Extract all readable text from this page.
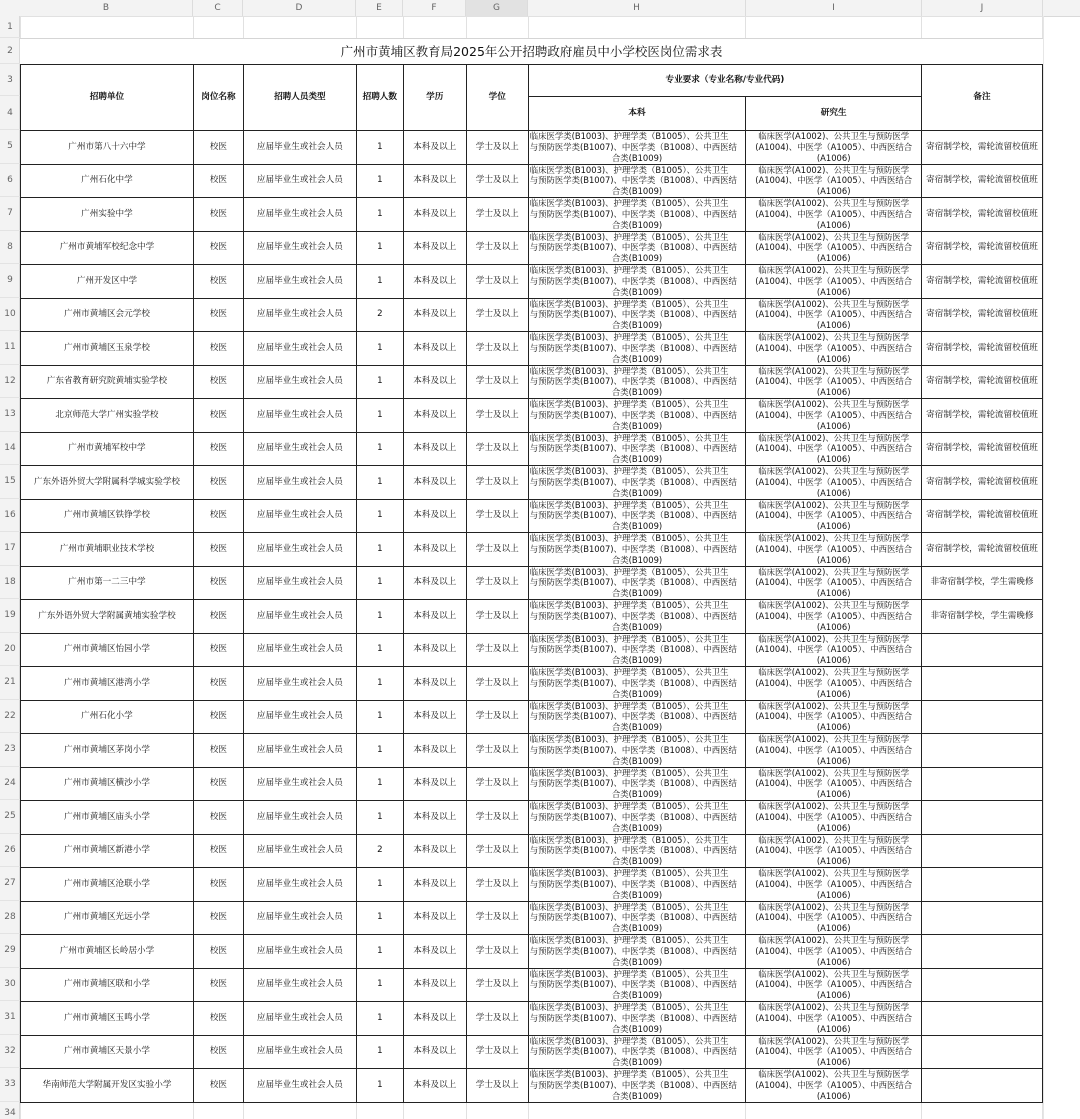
B	C	D	E	F	G	H	I	J
1
2
3
4
5
6
7
8
9
10
11
12
13
14
15
16
17
18
19
20
21
22
23
24
25
26
27
28
29
30
31
32
33
34

广州市黄埔区教育局2025年公开招聘政府雇员中小学校医岗位需求表									
招聘单位	岗位名称	招聘人员类型	招聘人数	学历	学位	专业要求（专业名称/专业代码)		备注	
						本科	研究生		
广州市第八十六中学	校医	应届毕业生或社会人员	1	本科及以上	学士及以上	临床医学类(B1003)、护理学类（B1005）、公共卫生
与预防医学类(B1007)、中医学类（B1008）、中西医结
合类(B1009)	临床医学(A1002)、公共卫生与预防医学
(A1004)、中医学（A1005）、中西医结合
(A1006)	寄宿制学校，需轮流留校值班	
广州石化中学	校医	应届毕业生或社会人员	1	本科及以上	学士及以上	临床医学类(B1003)、护理学类（B1005）、公共卫生
与预防医学类(B1007)、中医学类（B1008）、中西医结
合类(B1009)	临床医学(A1002)、公共卫生与预防医学
(A1004)、中医学（A1005）、中西医结合
(A1006)	寄宿制学校，需轮流留校值班	
广州实验中学	校医	应届毕业生或社会人员	1	本科及以上	学士及以上	临床医学类(B1003)、护理学类（B1005）、公共卫生
与预防医学类(B1007)、中医学类（B1008）、中西医结
合类(B1009)	临床医学(A1002)、公共卫生与预防医学
(A1004)、中医学（A1005）、中西医结合
(A1006)	寄宿制学校，需轮流留校值班	
广州市黄埔军校纪念中学	校医	应届毕业生或社会人员	1	本科及以上	学士及以上	临床医学类(B1003)、护理学类（B1005）、公共卫生
与预防医学类(B1007)、中医学类（B1008）、中西医结
合类(B1009)	临床医学(A1002)、公共卫生与预防医学
(A1004)、中医学（A1005）、中西医结合
(A1006)	寄宿制学校，需轮流留校值班	
广州开发区中学	校医	应届毕业生或社会人员	1	本科及以上	学士及以上	临床医学类(B1003)、护理学类（B1005）、公共卫生
与预防医学类(B1007)、中医学类（B1008）、中西医结
合类(B1009)	临床医学(A1002)、公共卫生与预防医学
(A1004)、中医学（A1005）、中西医结合
(A1006)	寄宿制学校，需轮流留校值班	
广州市黄埔区会元学校	校医	应届毕业生或社会人员	2	本科及以上	学士及以上	临床医学类(B1003)、护理学类（B1005）、公共卫生
与预防医学类(B1007)、中医学类（B1008）、中西医结
合类(B1009)	临床医学(A1002)、公共卫生与预防医学
(A1004)、中医学（A1005）、中西医结合
(A1006)	寄宿制学校，需轮流留校值班	
广州市黄埔区玉泉学校	校医	应届毕业生或社会人员	1	本科及以上	学士及以上	临床医学类(B1003)、护理学类（B1005）、公共卫生
与预防医学类(B1007)、中医学类（B1008）、中西医结
合类(B1009)	临床医学(A1002)、公共卫生与预防医学
(A1004)、中医学（A1005）、中西医结合
(A1006)	寄宿制学校，需轮流留校值班	
广东省教育研究院黄埔实验学校	校医	应届毕业生或社会人员	1	本科及以上	学士及以上	临床医学类(B1003)、护理学类（B1005）、公共卫生
与预防医学类(B1007)、中医学类（B1008）、中西医结
合类(B1009)	临床医学(A1002)、公共卫生与预防医学
(A1004)、中医学（A1005）、中西医结合
(A1006)	寄宿制学校，需轮流留校值班	
北京师范大学广州实验学校	校医	应届毕业生或社会人员	1	本科及以上	学士及以上	临床医学类(B1003)、护理学类（B1005）、公共卫生
与预防医学类(B1007)、中医学类（B1008）、中西医结
合类(B1009)	临床医学(A1002)、公共卫生与预防医学
(A1004)、中医学（A1005）、中西医结合
(A1006)	寄宿制学校，需轮流留校值班	
广州市黄埔军校中学	校医	应届毕业生或社会人员	1	本科及以上	学士及以上	临床医学类(B1003)、护理学类（B1005）、公共卫生
与预防医学类(B1007)、中医学类（B1008）、中西医结
合类(B1009)	临床医学(A1002)、公共卫生与预防医学
(A1004)、中医学（A1005）、中西医结合
(A1006)	寄宿制学校，需轮流留校值班	
广东外语外贸大学附属科学城实验学校	校医	应届毕业生或社会人员	1	本科及以上	学士及以上	临床医学类(B1003)、护理学类（B1005）、公共卫生
与预防医学类(B1007)、中医学类（B1008）、中西医结
合类(B1009)	临床医学(A1002)、公共卫生与预防医学
(A1004)、中医学（A1005）、中西医结合
(A1006)	寄宿制学校，需轮流留校值班	
广州市黄埔区铁铮学校	校医	应届毕业生或社会人员	1	本科及以上	学士及以上	临床医学类(B1003)、护理学类（B1005）、公共卫生
与预防医学类(B1007)、中医学类（B1008）、中西医结
合类(B1009)	临床医学(A1002)、公共卫生与预防医学
(A1004)、中医学（A1005）、中西医结合
(A1006)	寄宿制学校，需轮流留校值班	
广州市黄埔职业技术学校	校医	应届毕业生或社会人员	1	本科及以上	学士及以上	临床医学类(B1003)、护理学类（B1005）、公共卫生
与预防医学类(B1007)、中医学类（B1008）、中西医结
合类(B1009)	临床医学(A1002)、公共卫生与预防医学
(A1004)、中医学（A1005）、中西医结合
(A1006)	寄宿制学校，需轮流留校值班	
广州市第一二三中学	校医	应届毕业生或社会人员	1	本科及以上	学士及以上	临床医学类(B1003)、护理学类（B1005）、公共卫生
与预防医学类(B1007)、中医学类（B1008）、中西医结
合类(B1009)	临床医学(A1002)、公共卫生与预防医学
(A1004)、中医学（A1005）、中西医结合
(A1006)	非寄宿制学校，学生需晚修	
广东外语外贸大学附属黄埔实验学校	校医	应届毕业生或社会人员	1	本科及以上	学士及以上	临床医学类(B1003)、护理学类（B1005）、公共卫生
与预防医学类(B1007)、中医学类（B1008）、中西医结
合类(B1009)	临床医学(A1002)、公共卫生与预防医学
(A1004)、中医学（A1005）、中西医结合
(A1006)	非寄宿制学校，学生需晚修	
广州市黄埔区怡园小学	校医	应届毕业生或社会人员	1	本科及以上	学士及以上	临床医学类(B1003)、护理学类（B1005）、公共卫生
与预防医学类(B1007)、中医学类（B1008）、中西医结
合类(B1009)	临床医学(A1002)、公共卫生与预防医学
(A1004)、中医学（A1005）、中西医结合
(A1006)		

广州市黄埔区港湾小学	校医	应届毕业生或社会人员	1	本科及以上	学士及以上	临床医学类(B1003)、护理学类（B1005）、公共卫生
与预防医学类(B1007)、中医学类（B1008）、中西医结
合类(B1009)	临床医学(A1002)、公共卫生与预防医学
(A1004)、中医学（A1005）、中西医结合
(A1006)		

广州石化小学	校医	应届毕业生或社会人员	1	本科及以上	学士及以上	临床医学类(B1003)、护理学类（B1005）、公共卫生
与预防医学类(B1007)、中医学类（B1008）、中西医结
合类(B1009)	临床医学(A1002)、公共卫生与预防医学
(A1004)、中医学（A1005）、中西医结合
(A1006)		

广州市黄埔区茅岗小学	校医	应届毕业生或社会人员	1	本科及以上	学士及以上	临床医学类(B1003)、护理学类（B1005）、公共卫生
与预防医学类(B1007)、中医学类（B1008）、中西医结
合类(B1009)	临床医学(A1002)、公共卫生与预防医学
(A1004)、中医学（A1005）、中西医结合
(A1006)		

广州市黄埔区横沙小学	校医	应届毕业生或社会人员	1	本科及以上	学士及以上	临床医学类(B1003)、护理学类（B1005）、公共卫生
与预防医学类(B1007)、中医学类（B1008）、中西医结
合类(B1009)	临床医学(A1002)、公共卫生与预防医学
(A1004)、中医学（A1005）、中西医结合
(A1006)		

广州市黄埔区庙头小学	校医	应届毕业生或社会人员	1	本科及以上	学士及以上	临床医学类(B1003)、护理学类（B1005）、公共卫生
与预防医学类(B1007)、中医学类（B1008）、中西医结
合类(B1009)	临床医学(A1002)、公共卫生与预防医学
(A1004)、中医学（A1005）、中西医结合
(A1006)		

广州市黄埔区新港小学	校医	应届毕业生或社会人员	2	本科及以上	学士及以上	临床医学类(B1003)、护理学类（B1005）、公共卫生
与预防医学类(B1007)、中医学类（B1008）、中西医结
合类(B1009)	临床医学(A1002)、公共卫生与预防医学
(A1004)、中医学（A1005）、中西医结合
(A1006)		

广州市黄埔区沧联小学	校医	应届毕业生或社会人员	1	本科及以上	学士及以上	临床医学类(B1003)、护理学类（B1005）、公共卫生
与预防医学类(B1007)、中医学类（B1008）、中西医结
合类(B1009)	临床医学(A1002)、公共卫生与预防医学
(A1004)、中医学（A1005）、中西医结合
(A1006)		

广州市黄埔区光远小学	校医	应届毕业生或社会人员	1	本科及以上	学士及以上	临床医学类(B1003)、护理学类（B1005）、公共卫生
与预防医学类(B1007)、中医学类（B1008）、中西医结
合类(B1009)	临床医学(A1002)、公共卫生与预防医学
(A1004)、中医学（A1005）、中西医结合
(A1006)		

广州市黄埔区长岭居小学	校医	应届毕业生或社会人员	1	本科及以上	学士及以上	临床医学类(B1003)、护理学类（B1005）、公共卫生
与预防医学类(B1007)、中医学类（B1008）、中西医结
合类(B1009)	临床医学(A1002)、公共卫生与预防医学
(A1004)、中医学（A1005）、中西医结合
(A1006)		

广州市黄埔区联和小学	校医	应届毕业生或社会人员	1	本科及以上	学士及以上	临床医学类(B1003)、护理学类（B1005）、公共卫生
与预防医学类(B1007)、中医学类（B1008）、中西医结
合类(B1009)	临床医学(A1002)、公共卫生与预防医学
(A1004)、中医学（A1005）、中西医结合
(A1006)		

广州市黄埔区玉鸣小学	校医	应届毕业生或社会人员	1	本科及以上	学士及以上	临床医学类(B1003)、护理学类（B1005）、公共卫生
与预防医学类(B1007)、中医学类（B1008）、中西医结
合类(B1009)	临床医学(A1002)、公共卫生与预防医学
(A1004)、中医学（A1005）、中西医结合
(A1006)		

广州市黄埔区天景小学	校医	应届毕业生或社会人员	1	本科及以上	学士及以上	临床医学类(B1003)、护理学类（B1005）、公共卫生
与预防医学类(B1007)、中医学类（B1008）、中西医结
合类(B1009)	临床医学(A1002)、公共卫生与预防医学
(A1004)、中医学（A1005）、中西医结合
(A1006)		

华南师范大学附属开发区实验小学	校医	应届毕业生或社会人员	1	本科及以上	学士及以上	临床医学类(B1003)、护理学类（B1005）、公共卫生
与预防医学类(B1007)、中医学类（B1008）、中西医结
合类(B1009)	临床医学(A1002)、公共卫生与预防医学
(A1004)、中医学（A1005）、中西医结合
(A1006)		
